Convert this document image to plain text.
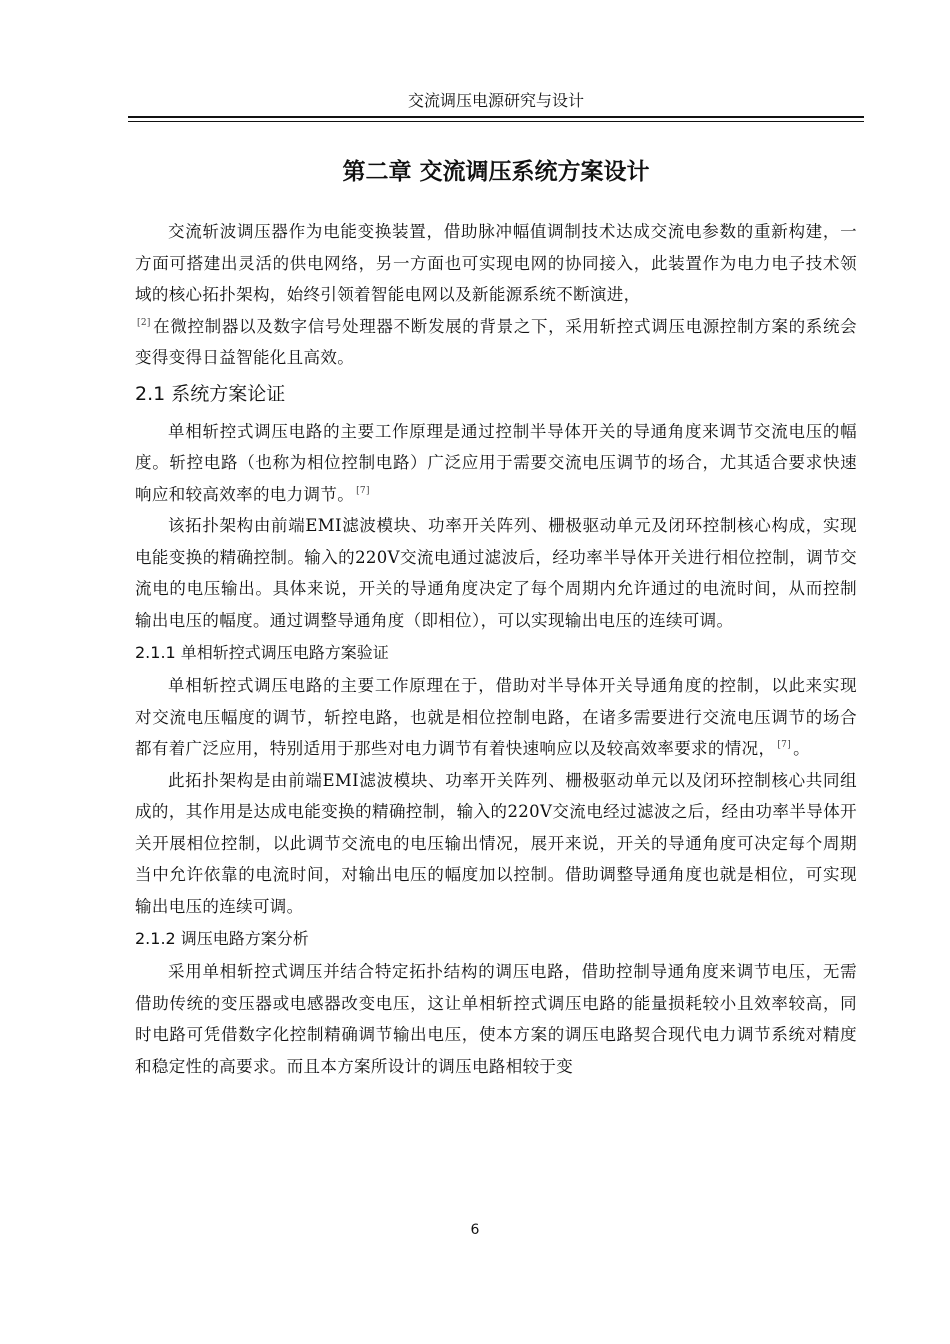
交流调压电源研究与设计
第二章 交流调压系统方案设计

交流斩波调压器作为电能变换装置，借助脉冲幅值调制技术达成交流电参数的重新构建，一方面可搭建出灵活的供电网络，另一方面也可实现电网的协同接入，此装置作为电力电子技术领域的核心拓扑架构，始终引领着智能电网以及新能源系统不断演进，
[2] 在微控制器以及数字信号处理器不断发展的背景之下，采用斩控式调压电源控制方案的系统会变得变得日益智能化且高效。

2.1 系统方案论证

单相斩控式调压电路的主要工作原理是通过控制半导体开关的导通角度来调节交流电压的幅度。斩控电路（也称为相位控制电路）广泛应用于需要交流电压调节的场合，尤其适合要求快速响应和较高效率的电力调节。 [7]

该拓扑架构由前端EMI滤波模块、功率开关阵列、栅极驱动单元及闭环控制核心构成，实现电能变换的精确控制。输入的220V交流电通过滤波后，经功率半导体开关进行相位控制，调节交流电的电压输出。具体来说，开关的导通角度决定了每个周期内允许通过的电流时间，从而控制输出电压的幅度。通过调整导通角度（即相位），可以实现输出电压的连续可调。

2.1.1 单相斩控式调压电路方案验证

单相斩控式调压电路的主要工作原理在于，借助对半导体开关导通角度的控制，以此来实现对交流电压幅度的调节，斩控电路，也就是相位控制电路，在诸多需要进行交流电压调节的场合都有着广泛应用，特别适用于那些对电力调节有着快速响应以及较高效率要求的情况， [7] 。

此拓扑架构是由前端EMI滤波模块、功率开关阵列、栅极驱动单元以及闭环控制核心共同组成的，其作用是达成电能变换的精确控制，输入的220V交流电经过滤波之后，经由功率半导体开关开展相位控制，以此调节交流电的电压输出情况，展开来说，开关的导通角度可决定每个周期当中允许依靠的电流时间，对输出电压的幅度加以控制。借助调整导通角度也就是相位，可实现输出电压的连续可调。

2.1.2 调压电路方案分析

采用单相斩控式调压并结合特定拓扑结构的调压电路，借助控制导通角度来调节电压，无需借助传统的变压器或电感器改变电压，这让单相斩控式调压电路的能量损耗较小且效率较高，同时电路可凭借数字化控制精确调节输出电压，使本方案的调压电路契合现代电力调节系统对精度和稳定性的高要求。而且本方案所设计的调压电路相较于变

6
